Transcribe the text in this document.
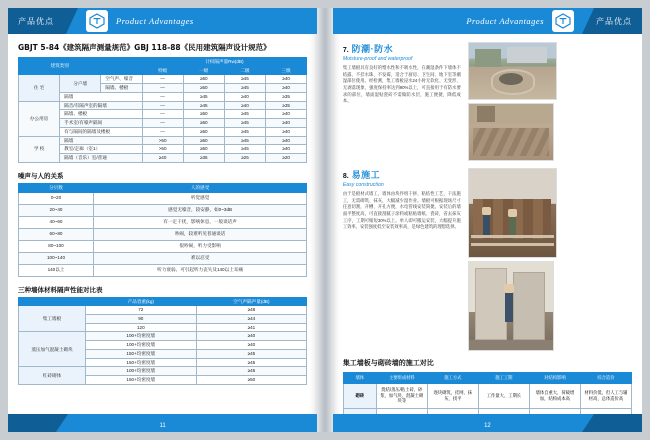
产品优点	Product Advantages
GBJT 5-84《建筑隔声测量规范》GBJ 118-88《民用建筑隔声设计规范》
建筑类别			计权隔声量Rw(dB)			
			特级	一级	二级	三级
住 宅	分户墙	空气声、噪音	—	≥50	≥45	≥40
		隔墙、楼板	—	≥50	≥45	≥40
	隔墙		—	≥45	≥40	≥35
办公用房	隔音/有隔声室的隔墙		—	≥45	≥40	≥35
	隔墙、楼板		—	≥50	≥45	≥40
	手术室/有噪声隔间		—	≥50	≥45	≥40
	有与隔间的隔墙及楼板		—	≥50	≥45	≥40
学 校	隔墙		>50	≥50	≥45	≥40
	教室/走廊（室1）		>50	≥50	≥45	≥40
	隔墙（音乐）室/普通		≥40	≥35	≥25	≥20
噪声与人的关系
分贝数	人的感受
0~20	听觉感觉
20~40	感觉无噪音，较安静，如0~3dB
40~60	有一定干扰，影响休息，一般谈话声
60~80	吵闹，较难听见普通谈话
80~100	很吵闹，听力受影响
100~140	难以忍受
140以上	听力衰弱、可引起听力丧失及140以上耳痛
三种墙体材料隔声性能对比表
	产品容重(kg)	空气声隔声量(dB)
集工墙板	72	≥48
	90	≥44
	120	≥41
蒸压加气混凝土砌块	100+均密度墙	≥40
	100+均密度墙	≥40
	150+均密度墙	≥45
	150+均密度墙	≥45
红砖砌体	100+均密度墙	≥45
	150+均密度墙	≥50
11
Product Advantages	产品优点
7. 防潮·防水
Moisture-proof and waterproof
集工墙板具有良好的憎水性和不吸水性，在潮湿条件下墙体不结露、不挂水珠、不发霉，适合于厨房、卫生间、地下室等潮湿部位使用。经检测，集工墙板浸水24小时无软化、无变形、无剥落现象，强度保持率达到90%以上，可直接用于有防水要求的部位，墙面湿贴瓷砖不需做防水层，施工便捷，降低成本。
8. 易施工
Easy construction
由于是板材式墙工，墙体由块件组干拼、粘结性工艺，干法施工，无需砌筑、抹灰，大幅减少湿作业。墙板可根据现场尺寸任意切割，开槽、开孔方便，水电管线安装简捷。安装后的墙面平整度高，可直接刮腻子涂料或粘贴墙纸、瓷砖，省去抹灰工序，工期可缩短30%以上。单人即可搬运安装，大幅提升施工效率，安装强度低至安装效率高，是绿色建筑的理想选择。
集工墙板与砌砖墙的施工对比
墙体	主要组成材料	施工方式	施工工期	对结构影响	综合造价
砌砖	烧结/蒸压/粘土砖、砂浆、加气块、混凝土砌块等	逐块砌筑，挂网、抹灰、找平	工作量大、工期长	墙体自重大，荷载增加，结构成本高	材料价低，但人工与辅材高，总体造价高

12
